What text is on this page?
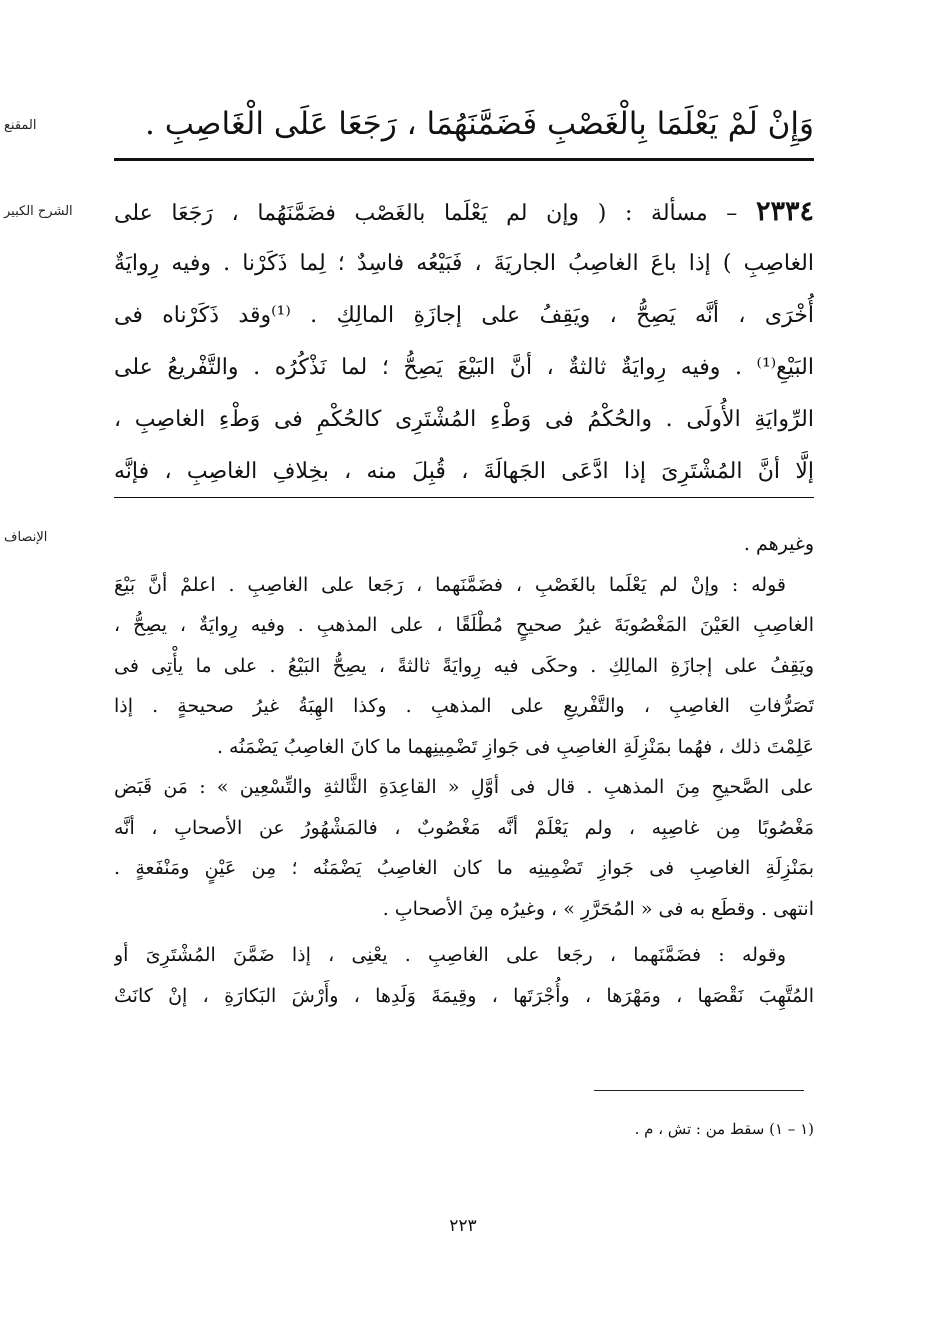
المقنع	وَإِنْ لَمْ يَعْلَمَا بِالْغَصْبِ فَضَمَّنَهُمَا ، رَجَعَا عَلَى الْغَاصِبِ .
الشرح الكبير	٢٣٣٤ – مسألة : ( وإن لم يَعْلَما بالغَصْب فضَمَّنَهُما ، رَجَعَا على
الغاصِبِ ) إذا باعَ الغاصِبُ الجاريَةَ ، فَبَيْعُه فاسِدٌ ؛ لِما ذَكَرْنا . وفيه رِوايَةٌ
أُخْرَى ، أنَّه يَصِحُّ ، ويَقِفُ على إجازَةِ المالِكِ . ⁽¹⁾وقد ذَكَرْناه فى
البَيْعِ⁽¹⁾ . وفيه رِوايَةٌ ثالثةٌ ، أنَّ البَيْعَ يَصِحُّ ؛ لما نَذْكُرُه . والتَّفْريعُ على
الرِّوايَةِ الأُولَى . والحُكْمُ فى وَطْءِ المُشْتَرِى كالحُكْمِ فى وَطْءِ الغاصِبِ ،
إلَّا أنَّ المُشْتَرِىَ إذا ادَّعَى الجَهالَةَ ، قُبِلَ منه ، بخِلافِ الغاصِبِ ، فإنَّه
الإنصاف	وغيرهم .
قوله : وإنْ لم يَعْلَما بالغَصْبِ ، فضَمَّنَهما ، رَجَعا على الغاصِبِ . اعلمْ أنَّ بَيْعَ
الغاصِبِ العَيْنَ المَغْصُوبَةَ غيرُ صحيحٍ مُطْلَقًا ، على المذهبِ . وفيه رِوايَةٌ ، يصِحُّ ،
ويَقِفُ على إجازَةِ المالِكِ . وحكَى فيه رِوايَةً ثالثةً ، يصِحُّ البَيْعُ . على ما يأْتِى فى
تَصَرُّفاتِ الغاصِبِ ، والتَّفْريعِ على المذهبِ . وكذا الهِبَةُ غيرُ صحيحةٍ . إذا
عَلِمْتَ ذلك ، فهُما بمَنْزِلَةِ الغاصِبِ فى جَوازِ تَضْمِينِهما ما كانَ الغاصِبُ يَضْمَنُه .
على الصَّحيحِ مِنَ المذهبِ . قال فى أوَّلِ « القاعِدَةِ الثَّالثةِ والتِّسْعِين » : مَن قَبَض
مَغْصُوبًا مِن غاصِبِه ، ولم يَعْلَمْ أنَّه مَغْصُوبٌ ، فالمَشْهُورُ عن الأصحابِ ، أنَّه
بمَنْزِلَةِ الغاصِبِ فى جَوازِ تَضْمِينِه ما كان الغاصِبُ يَضْمَنُه ؛ مِن عَيْنٍ ومَنْفَعةٍ .
انتهى . وقطَع به فى « المُحَرَّرِ » ، وغيرُه مِنَ الأصحابِ .
وقوله : فضَمَّنَهما ، رجَعا على الغاصِبِ . يعْنِى ، إذا ضَمَّنَ المُشْتَرِىَ أو
المُتَّهِبَ نَقْصَها ، ومَهْرَها ، وأُجْرَتَها ، وقِيمَةَ وَلَدِها ، وأَرْشَ البَكارَةِ ، إنْ كانَتْ
(١ – ١) سقط من : تش ، م .
٢٢٣
